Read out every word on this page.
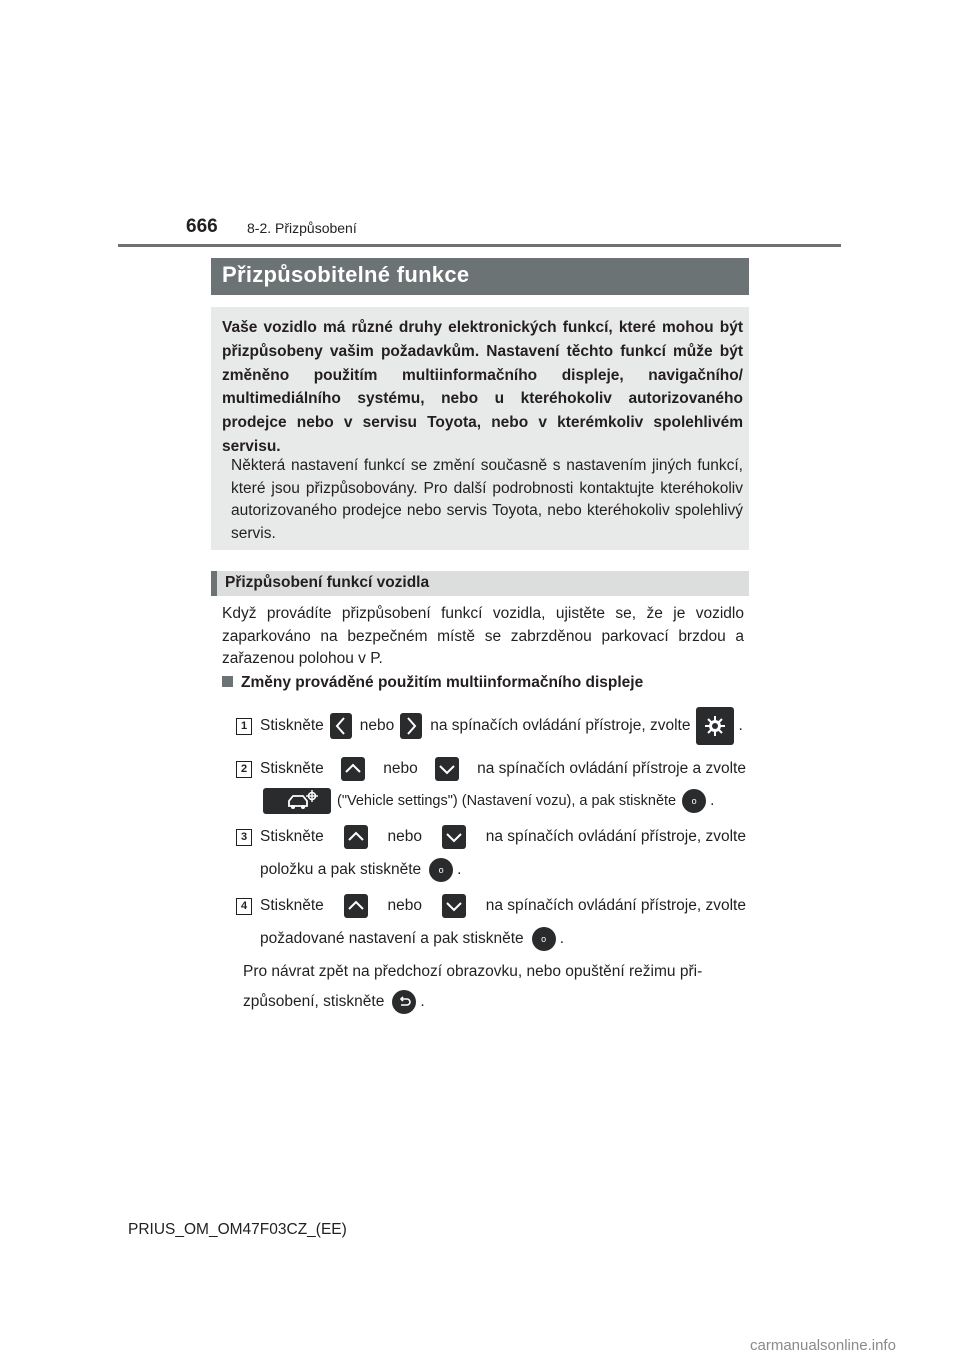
666 8-2. Přizpůsobení
Přizpůsobitelné funkce
Vaše vozidlo má různé druhy elektronických funkcí, které mohou být přizpůsobeny vašim požadavkům. Nastavení těchto funkcí může být změněno použitím multiinformačního displeje, navigačního/ multimediálního systému, nebo u kteréhokoliv autorizovaného prodejce nebo v servisu Toyota, nebo v kterémkoliv spolehlivém servisu.
Některá nastavení funkcí se změní současně s nastavením jiných funkcí, které jsou přizpůsobovány. Pro další podrobnosti kontaktujte kteréhokoliv autorizovaného prodejce nebo servis Toyota, nebo kteréhokoliv spolehlivý servis.
Přizpůsobení funkcí vozidla
Když provádíte přizpůsobení funkcí vozidla, ujistěte se, že je vozidlo zaparkováno na bezpečném místě se zabrzděnou parkovací brzdou a zařazenou polohou v P.
Změny prováděné použitím multiinformačního displeje
1 Stiskněte nebo na spínačích ovládání přístroje, zvolte	.
2 Stiskněte	nebo	na spínačích ovládání přístroje a zvolte
("Vehicle settings") (Nastavení vozu), a pak stiskněte	o .
3 Stiskněte	nebo	na spínačích ovládání přístroje, zvolte
položku a pak stiskněte	o .
4 Stiskněte	nebo	na spínačích ovládání přístroje, zvolte
požadované nastavení a pak stiskněte	o .
Pro návrat zpět na předchozí obrazovku, nebo opuštění režimu při-
způsobení, stiskněte .
PRIUS_OM_OM47F03CZ_(EE)
carmanualsonline.info
